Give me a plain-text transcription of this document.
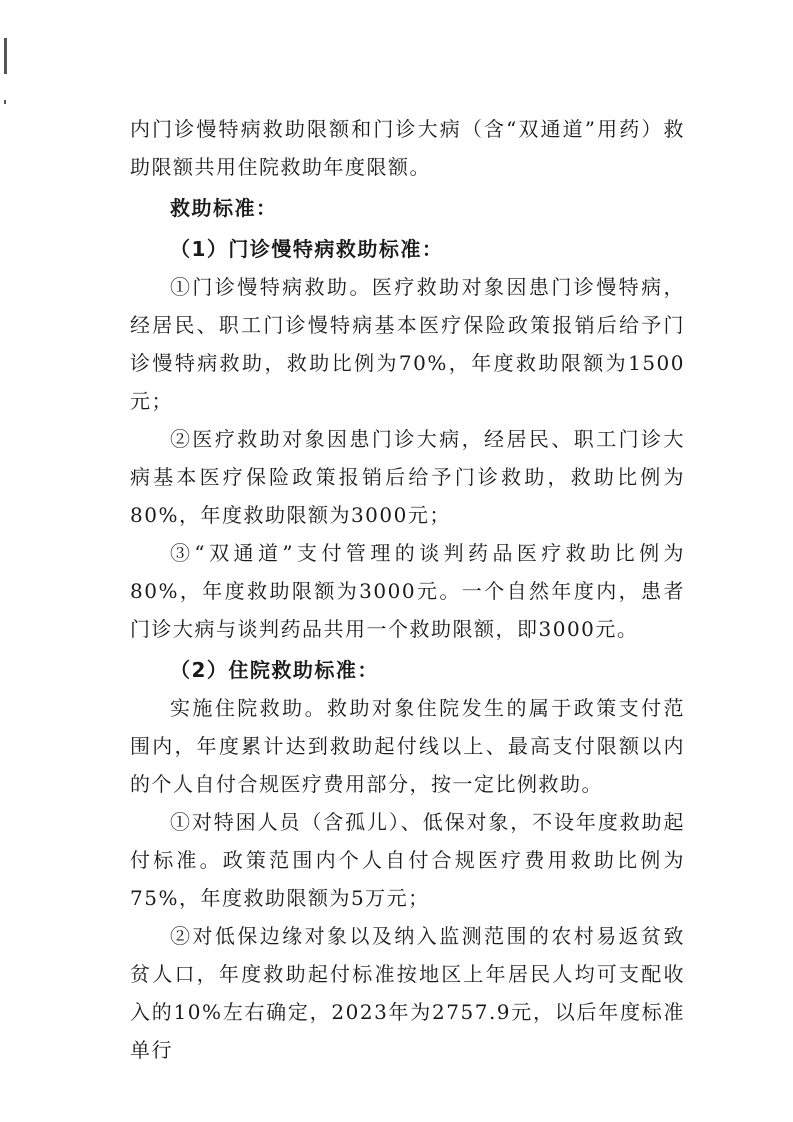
内门诊慢特病救助限额和门诊大病（含“双通道”用药）救助限额共用住院救助年度限额。

救助标准：

（1）门诊慢特病救助标准：

①门诊慢特病救助。医疗救助对象因患门诊慢特病，经居民、职工门诊慢特病基本医疗保险政策报销后给予门诊慢特病救助，救助比例为70%，年度救助限额为1500元；

②医疗救助对象因患门诊大病，经居民、职工门诊大病基本医疗保险政策报销后给予门诊救助，救助比例为80%，年度救助限额为3000元；

③“双通道”支付管理的谈判药品医疗救助比例为80%，年度救助限额为3000元。一个自然年度内，患者门诊大病与谈判药品共用一个救助限额，即3000元。

（2）住院救助标准：

实施住院救助。救助对象住院发生的属于政策支付范围内，年度累计达到救助起付线以上、最高支付限额以内的个人自付合规医疗费用部分，按一定比例救助。

①对特困人员（含孤儿）、低保对象，不设年度救助起付标准。政策范围内个人自付合规医疗费用救助比例为75%，年度救助限额为5万元；

②对低保边缘对象以及纳入监测范围的农村易返贫致贫人口，年度救助起付标准按地区上年居民人均可支配收入的10%左右确定，2023年为2757.9元，以后年度标准单行
